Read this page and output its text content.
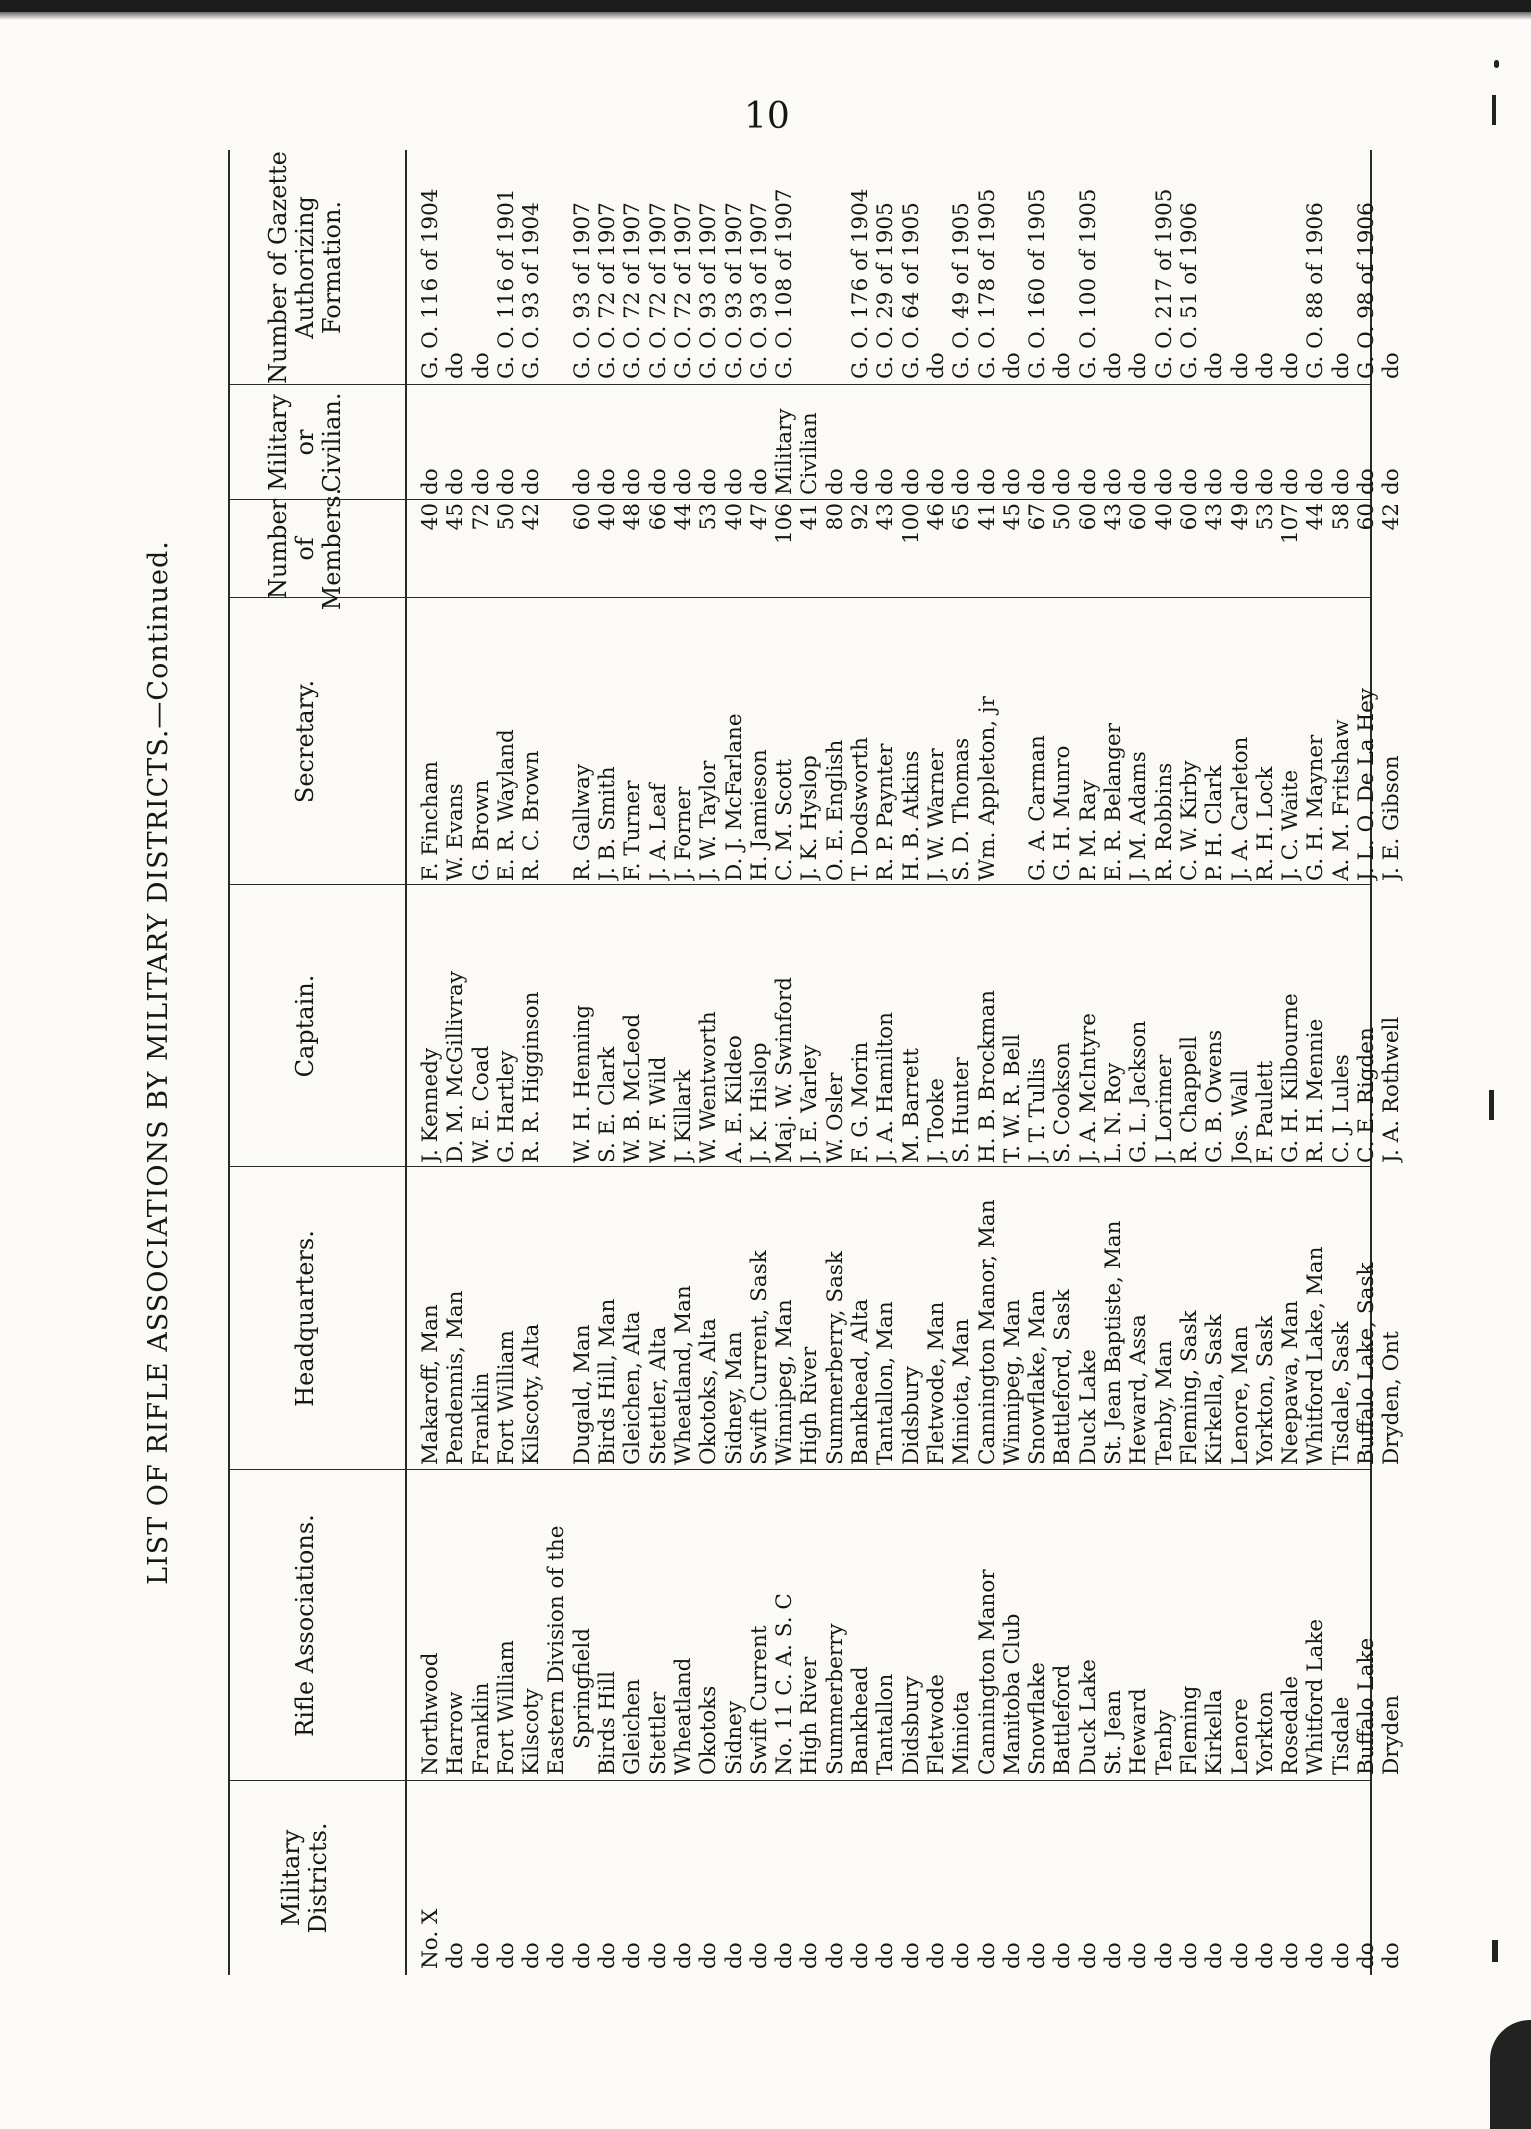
10
LIST OF RIFLE ASSOCIATIONS BY MILITARY DISTRICTS.—Continued.
Military Districts.
Rifle Associations.
Headquarters.
Captain.
Secretary.
Number of Members.
Military or Civilian.
Number of Gazette Authorizing Formation.
No. X do do do do do do do do do do do do do do do do do do do do do do do do do do do do do do do do do do do do do do
Northwood Harrow Franklin Fort William Kilscoty Eastern Division of the Springfield Birds Hill Gleichen Stettler Wheatland Okotoks Sidney Swift Current No. 11 C. A. S. C High River Summerberry Bankhead Tantallon Didsbury Fletwode Miniota Cannington Manor Manitoba Club Snowflake Battleford Duck Lake St. Jean Heward Tenby Fleming Kirkella Lenore Yorkton Rosedale Whitford Lake Tisdale Buffalo Lake Dryden
Makaroff, Man Pendennis, Man Franklin Fort William Kilscoty, Alta Dugald, Man Birds Hill, Man Gleichen, Alta Stettler, Alta Wheatland, Man Okotoks, Alta Sidney, Man Swift Current, Sask Winnipeg, Man High River Summerberry, Sask Bankhead, Alta Tantallon, Man Didsbury Fletwode, Man Miniota, Man Cannington Manor, Man Winnipeg, Man Snowflake, Man Battleford, Sask Duck Lake St. Jean Baptiste, Man Heward, Assa Tenby, Man Fleming, Sask Kirkella, Sask Lenore, Man Yorkton, Sask Neepawa, Man Whitford Lake, Man Tisdale, Sask Buffalo Lake, Sask Dryden, Ont
J. Kennedy D. M. McGillivray W. E. Coad G. Hartley R. R. Higginson W. H. Henning S. E. Clark W. B. McLeod W. F. Wild J. Killark W. Wentworth A. E. Kildeo J. K. Hislop Maj. W. Swinford J. E. Varley W. Osler F. G. Morin J. A. Hamilton M. Barrett J. Tooke S. Hunter H. B. Brockman T. W. R. Bell J. T. Tullis S. Cookson J. A. McIntyre L. N. Roy G. L. Jackson J. Lorimer R. Chappell G. B. Owens Jos. Wall F. Paulett G. H. Kilbourne R. H. Mennie C. J. Lules C. E. Rigden J. A. Rothwell
F. Fincham W. Evans G. Brown E. R. Wayland R. C. Brown R. Gallway J. B. Smith F. Turner J. A. Leaf J. Forner J. W. Taylor D. J. McFarlane H. Jamieson C. M. Scott J. K. Hyslop O. E. English T. Dodsworth R. P. Paynter H. B. Atkins J. W. Warner S. D. Thomas Wm. Appleton, jr G. A. Carman G. H. Munro P. M. Ray E. R. Belanger J. M. Adams R. Robbins C. W. Kirby P. H. Clark J. A. Carleton R. H. Lock J. C. Waite G. H. Mayner A. M. Fritshaw J. L. O. De La Hey J. E. Gibson
40 45 72 50 42 60 40 48 66 44 53 40 47 106 41 80 92 43 100 46 65 41 45 67 50 60 43 60 40 60 43 49 53 107 44 58 60 42
do do do do do do do do do do do do do Military Civilian do do do do do do do do do do do do do do do do do do do do do do do
G. O. 116 of 1904 do do G. O. 116 of 1901 G. O. 93 of 1904 G. O. 93 of 1907 G. O. 72 of 1907 G. O. 72 of 1907 G. O. 72 of 1907 G. O. 72 of 1907 G. O. 93 of 1907 G. O. 93 of 1907 G. O. 93 of 1907 G. O. 108 of 1907 G. O. 176 of 1904 G. O. 29 of 1905 G. O. 64 of 1905 do G. O. 49 of 1905 G. O. 178 of 1905 do G. O. 160 of 1905 do G. O. 100 of 1905 do do G. O. 217 of 1905 G. O. 51 of 1906 do do do do G. O. 88 of 1906 do G. O. 98 of 1906 do
